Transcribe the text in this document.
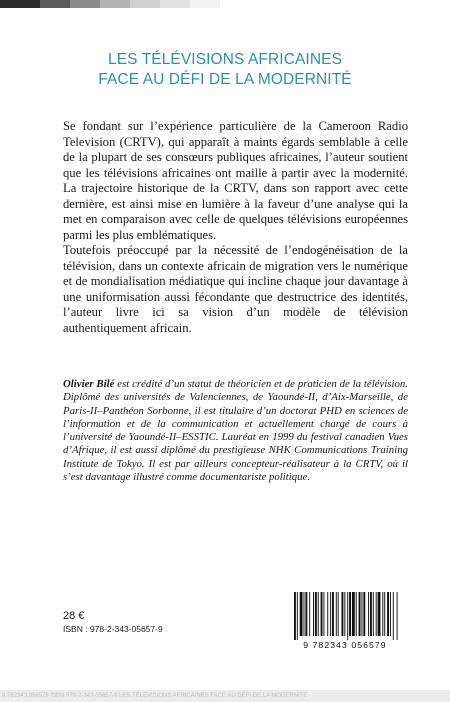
LES TÉLÉVISIONS AFRICAINES
FACE AU DÉFI DE LA MODERNITÉ

Se fondant sur l’expérience particulière de la Cameroon Radio Television (CRTV), qui apparaît à maints égards semblable à celle de la plupart de ses consœurs publiques africaines, l’auteur soutient que les télévisions africaines ont maille à partir avec la modernité. La trajectoire historique de la CRTV, dans son rapport avec cette dernière, est ainsi mise en lumière à la faveur d’une analyse qui la met en comparaison avec celle de quelques télévisions européennes parmi les plus emblématiques.

Toutefois préoccupé par la nécessité de l’endogénéisation de la télévision, dans un contexte africain de migration vers le numérique et de mondialisation médiatique qui incline chaque jour davantage à une uniformisation aussi fécondante que destructrice des identités, l’auteur livre ici sa vision d’un modèle de télévision authentiquement africain.

Olivier Bilé est crédité d’un statut de théoricien et de praticien de la télévision. Diplômé des universités de Valenciennes, de Yaoundé-II, d’Aix-Marseille, de Paris-II–Panthéon Sorbonne, il est titulaire d’un doctorat PHD en sciences de l’information et de la communication et actuellement chargé de cours à l’université de Yaoundé-II–ESSTIC. Lauréat en 1999 du festival canadien Vues d’Afrique, il est aussi diplômé du prestigieuse NHK Communications Training Institute de Tokyo. Il est par ailleurs concepteur-réalisateur à la CRTV, où il s’est davantage illustré comme documentariste politique.

28 €
ISBN : 978-2-343-05657-9
9 782343 056579
9 782343 056579 ISBN 978-2-343-05657-9 LES TÉLÉVISIONS AFRICAINES FACE AU DÉFI DE LA MODERNITÉ
